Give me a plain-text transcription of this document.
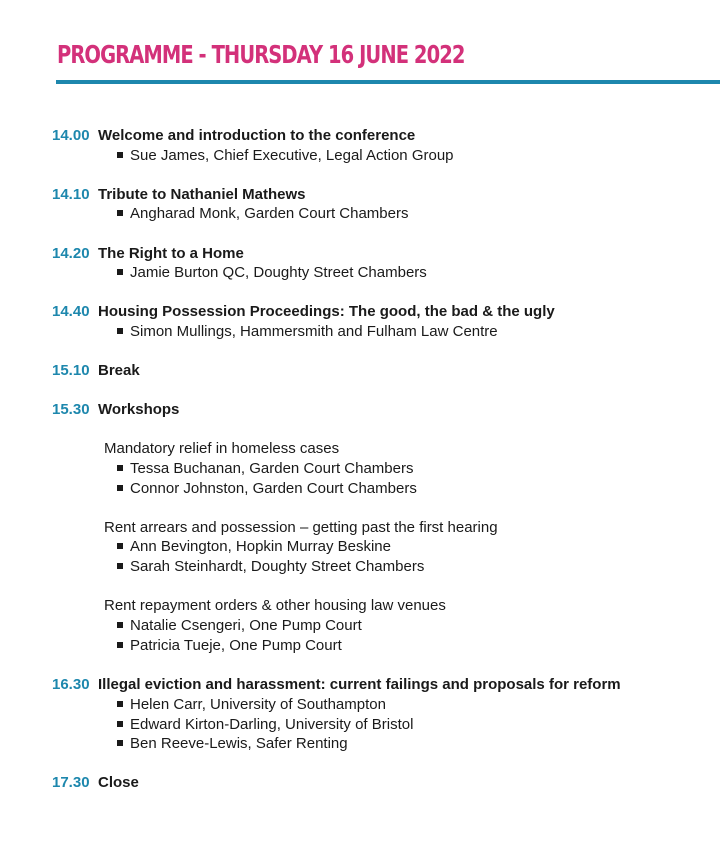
PROGRAMME - THURSDAY 16 JUNE 2022
14.00 Welcome and introduction to the conference
Sue James, Chief Executive, Legal Action Group
14.10 Tribute to Nathaniel Mathews
Angharad Monk, Garden Court Chambers
14.20 The Right to a Home
Jamie Burton QC, Doughty Street Chambers
14.40 Housing Possession Proceedings: The good, the bad & the ugly
Simon Mullings, Hammersmith and Fulham Law Centre
15.10 Break
15.30 Workshops
Mandatory relief in homeless cases
Tessa Buchanan, Garden Court Chambers
Connor Johnston, Garden Court Chambers
Rent arrears and possession – getting past the first hearing
Ann Bevington, Hopkin Murray Beskine
Sarah Steinhardt, Doughty Street Chambers
Rent repayment orders & other housing law venues
Natalie Csengeri, One Pump Court
Patricia Tueje, One Pump Court
16.30 Illegal eviction and harassment: current failings and proposals for reform
Helen Carr, University of Southampton
Edward Kirton-Darling, University of Bristol
Ben Reeve-Lewis, Safer Renting
17.30 Close
